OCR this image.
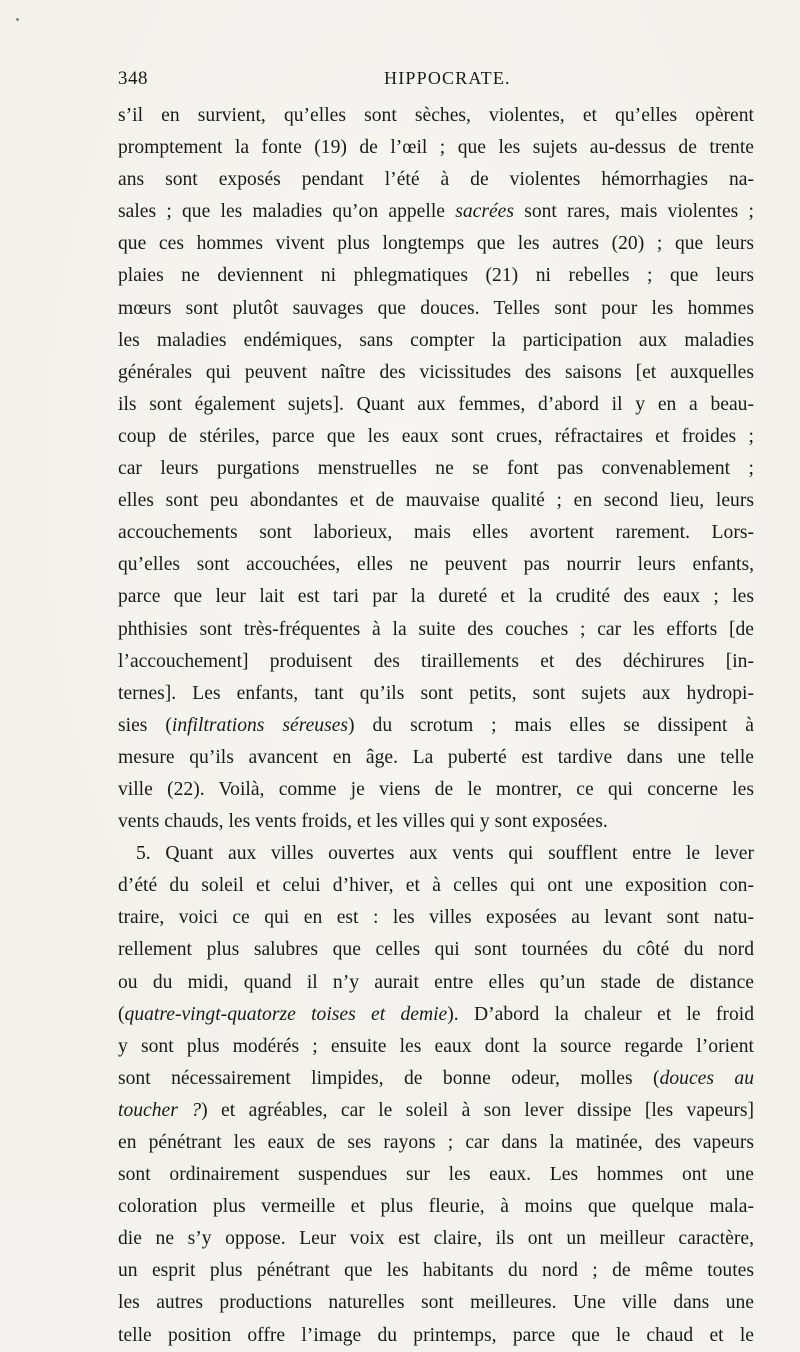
348	HIPPOCRATE.
s’il en survient, qu’elles sont sèches, violentes, et qu’elles opèrent
promptement la fonte (19) de l’œil ; que les sujets au-dessus de trente
ans sont exposés pendant l’été à de violentes hémorrhagies na-
sales ; que les maladies qu’on appelle sacrées sont rares, mais violentes ;
que ces hommes vivent plus longtemps que les autres (20) ; que leurs
plaies ne deviennent ni phlegmatiques (21) ni rebelles ; que leurs
mœurs sont plutôt sauvages que douces. Telles sont pour les hommes
les maladies endémiques, sans compter la participation aux maladies
générales qui peuvent naître des vicissitudes des saisons [et auxquelles
ils sont également sujets]. Quant aux femmes, d’abord il y en a beau-
coup de stériles, parce que les eaux sont crues, réfractaires et froides ;
car leurs purgations menstruelles ne se font pas convenablement ;
elles sont peu abondantes et de mauvaise qualité ; en second lieu, leurs
accouchements sont laborieux, mais elles avortent rarement. Lors-
qu’elles sont accouchées, elles ne peuvent pas nourrir leurs enfants,
parce que leur lait est tari par la dureté et la crudité des eaux ; les
phthisies sont très-fréquentes à la suite des couches ; car les efforts [de
l’accouchement] produisent des tiraillements et des déchirures [in-
ternes]. Les enfants, tant qu’ils sont petits, sont sujets aux hydropi-
sies (infiltrations séreuses) du scrotum ; mais elles se dissipent à
mesure qu’ils avancent en âge. La puberté est tardive dans une telle
ville (22). Voilà, comme je viens de le montrer, ce qui concerne les
vents chauds, les vents froids, et les villes qui y sont exposées.
5. Quant aux villes ouvertes aux vents qui soufflent entre le lever
d’été du soleil et celui d’hiver, et à celles qui ont une exposition con-
traire, voici ce qui en est : les villes exposées au levant sont natu-
rellement plus salubres que celles qui sont tournées du côté du nord
ou du midi, quand il n’y aurait entre elles qu’un stade de distance
(quatre-vingt-quatorze toises et demie). D’abord la chaleur et le froid
y sont plus modérés ; ensuite les eaux dont la source regarde l’orient
sont nécessairement limpides, de bonne odeur, molles (douces au
toucher ?) et agréables, car le soleil à son lever dissipe [les vapeurs]
en pénétrant les eaux de ses rayons ; car dans la matinée, des vapeurs
sont ordinairement suspendues sur les eaux. Les hommes ont une
coloration plus vermeille et plus fleurie, à moins que quelque mala-
die ne s’y oppose. Leur voix est claire, ils ont un meilleur caractère,
un esprit plus pénétrant que les habitants du nord ; de même toutes
les autres productions naturelles sont meilleures. Une ville dans une
telle position offre l’image du printemps, parce que le chaud et le
